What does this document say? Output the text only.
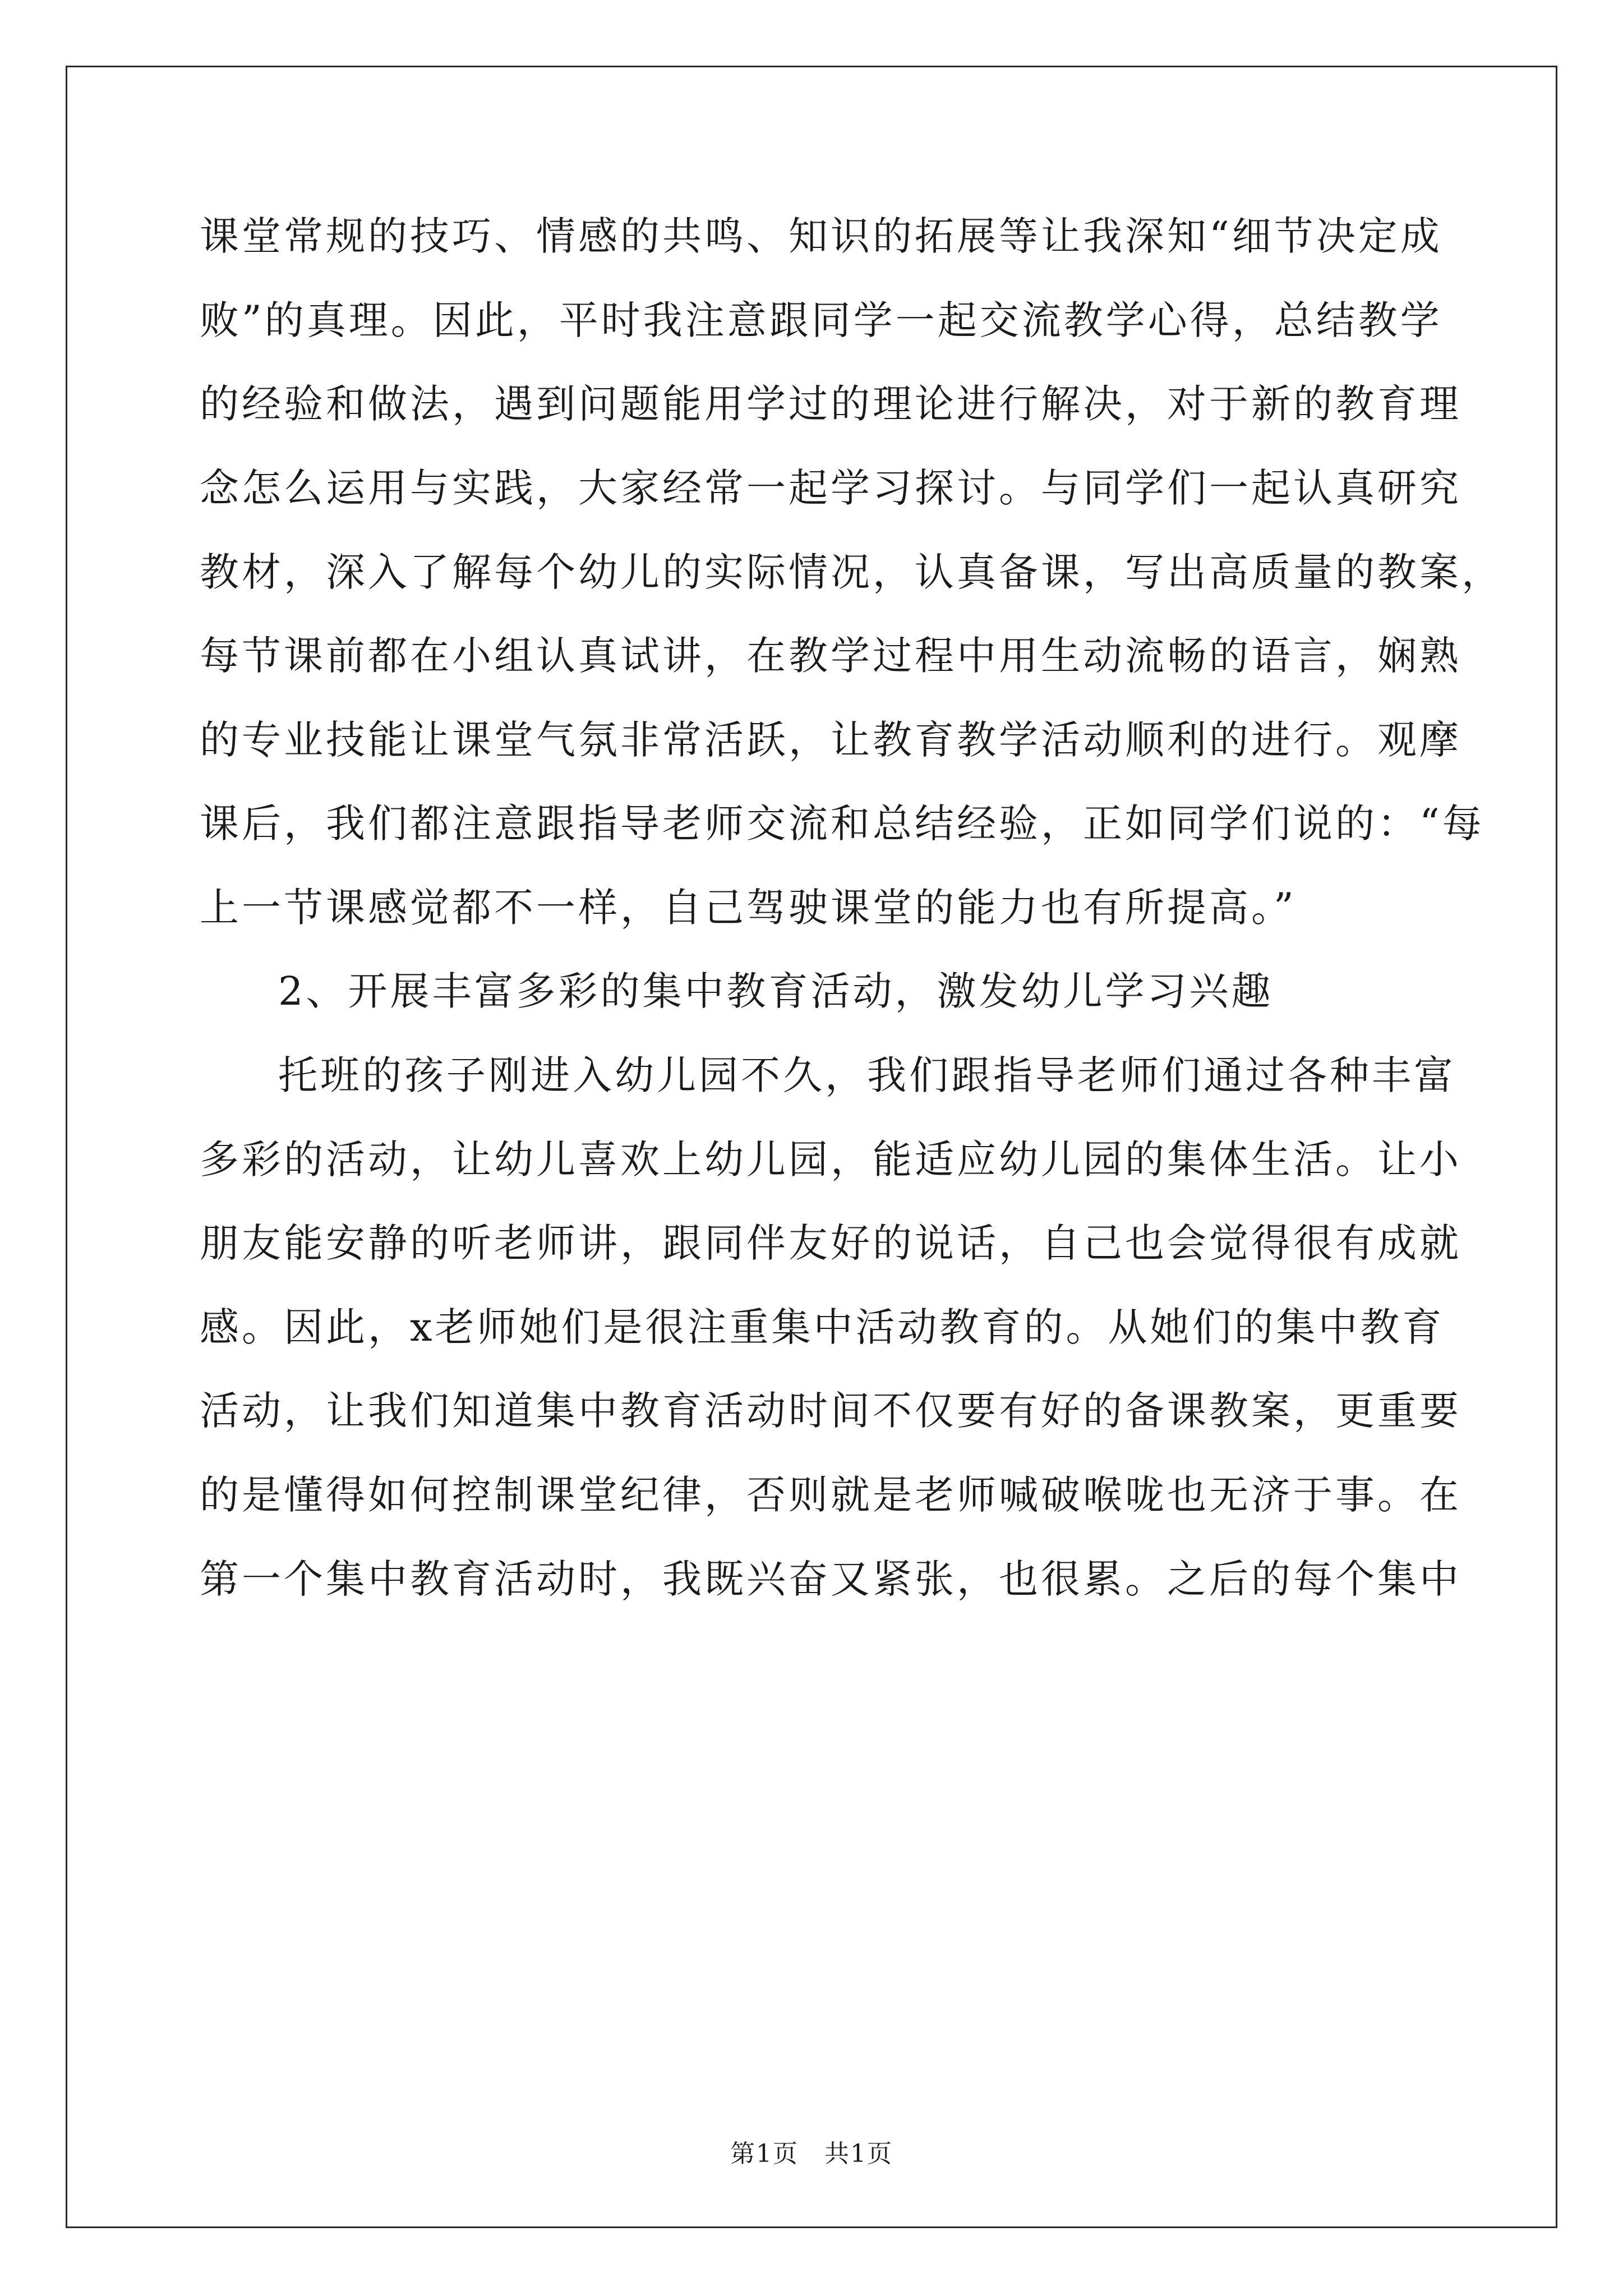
课堂常规的技巧、情感的共鸣、知识的拓展等让我深知“细节决定成
败”的真理。因此，平时我注意跟同学一起交流教学心得，总结教学
的经验和做法，遇到问题能用学过的理论进行解决，对于新的教育理
念怎么运用与实践，大家经常一起学习探讨。与同学们一起认真研究
教材，深入了解每个幼儿的实际情况，认真备课，写出高质量的教案，
每节课前都在小组认真试讲，在教学过程中用生动流畅的语言，娴熟
的专业技能让课堂气氛非常活跃，让教育教学活动顺利的进行。观摩
课后，我们都注意跟指导老师交流和总结经验，正如同学们说的：“每
上一节课感觉都不一样，自己驾驶课堂的能力也有所提高。”
2、开展丰富多彩的集中教育活动，激发幼儿学习兴趣
托班的孩子刚进入幼儿园不久，我们跟指导老师们通过各种丰富
多彩的活动，让幼儿喜欢上幼儿园，能适应幼儿园的集体生活。让小
朋友能安静的听老师讲，跟同伴友好的说话，自己也会觉得很有成就
感。因此，x老师她们是很注重集中活动教育的。从她们的集中教育
活动，让我们知道集中教育活动时间不仅要有好的备课教案，更重要
的是懂得如何控制课堂纪律，否则就是老师喊破喉咙也无济于事。在
第一个集中教育活动时，我既兴奋又紧张，也很累。之后的每个集中
第1页　共1页
